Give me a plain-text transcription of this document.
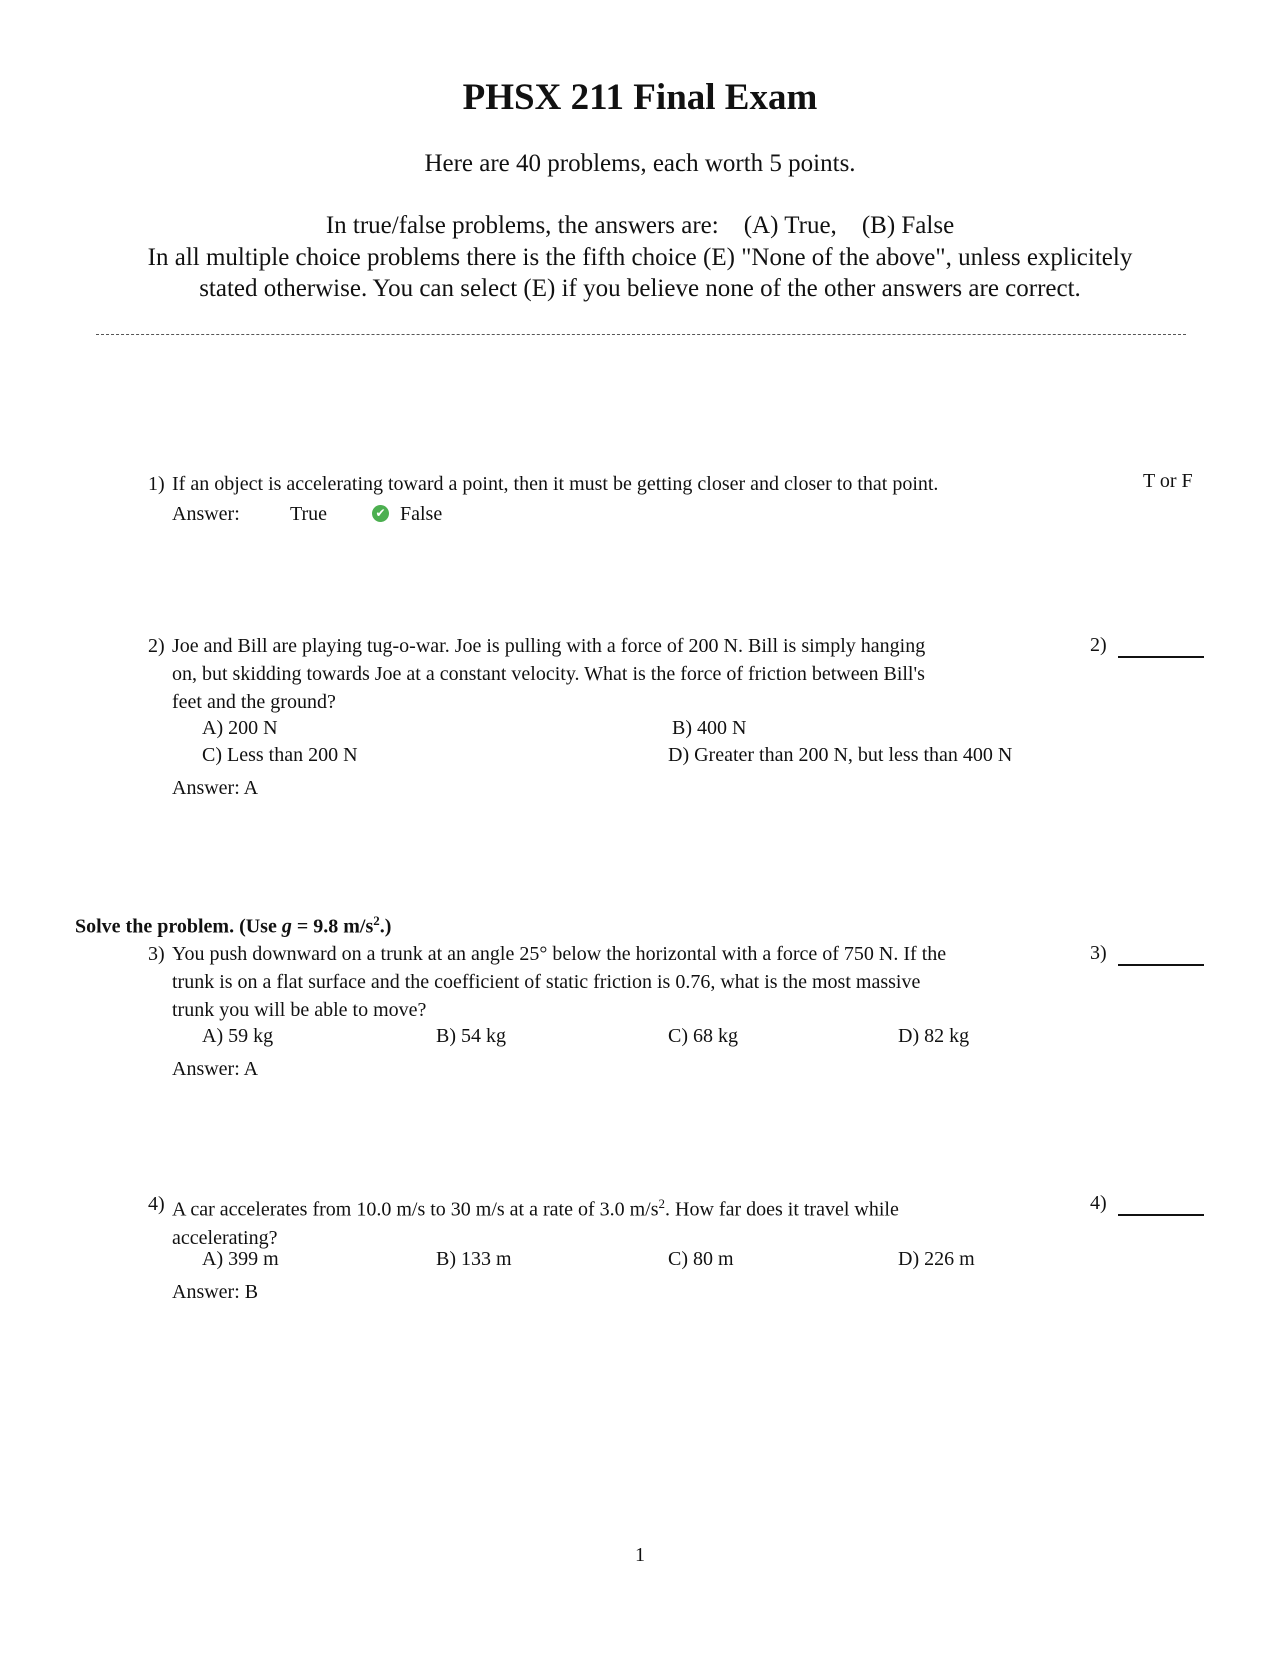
PHSX 211 Final Exam
Here are 40 problems, each worth 5 points.
In true/false problems, the answers are: (A) True, (B) False
In all multiple choice problems there is the fifth choice (E) "None of the above", unless explicitely
stated otherwise. You can select (E) if you believe none of the other answers are correct.
1) If an object is accelerating toward a point, then it must be getting closer and closer to that point.	T or F
Answer:	True	✔ False
2) Joe and Bill are playing tug-o-war. Joe is pulling with a force of 200 N. Bill is simply hanging
on, but skidding towards Joe at a constant velocity. What is the force of friction between Bill's
feet and the ground?
2)
A) 200 N	B) 400 N
C) Less than 200 N	D) Greater than 200 N, but less than 400 N
Answer: A
Solve the problem. (Use g = 9.8 $m/s^2$.)
3) You push downward on a trunk at an angle 25° below the horizontal with a force of 750 N. If the
trunk is on a flat surface and the coefficient of static friction is 0.76, what is the most massive
trunk you will be able to move?
3)
A) 59 kg	B) 54 kg	C) 68 kg	D) 82 kg
Answer: A
4) A car accelerates from 10.0 m/s to 30 m/s at a rate of 3.0 $m/s^2$. How far does it travel while
accelerating?
4)
A) 399 m	B) 133 m	C) 80 m	D) 226 m
Answer: B
1
